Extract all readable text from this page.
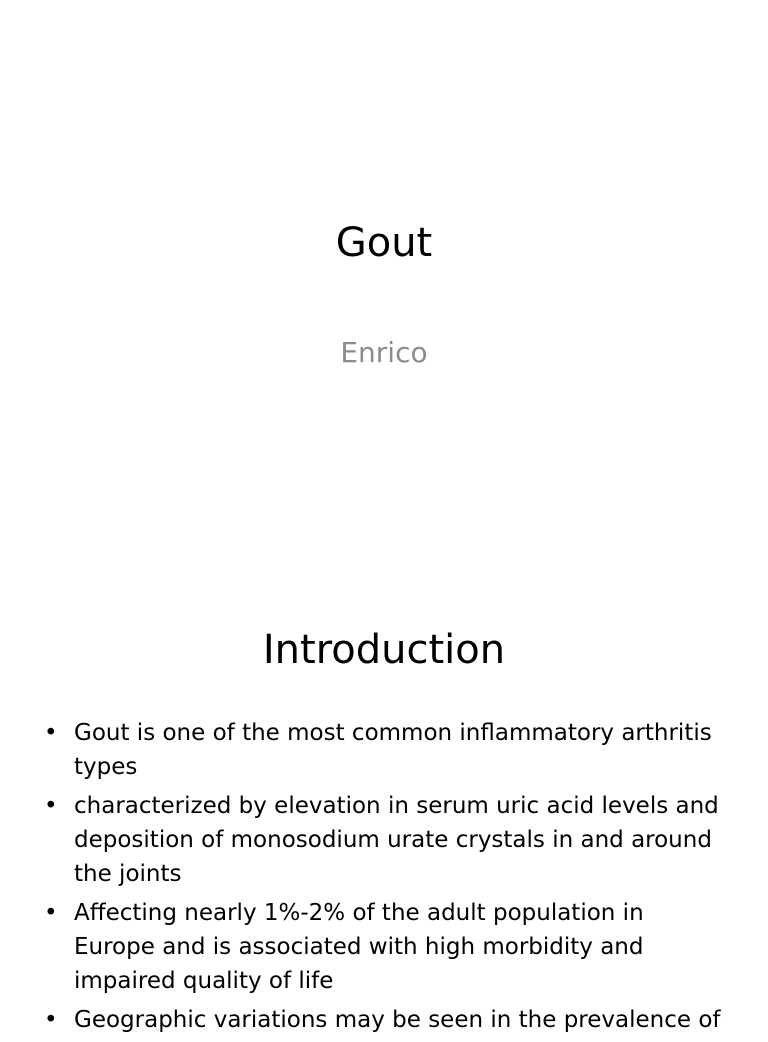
Gout
Enrico
Introduction
• Gout is one of the most common inflammatory arthritis types
• characterized by elevation in serum uric acid levels and deposition of monosodium urate crystals in and around the joints
• Affecting nearly 1%-2% of the adult population in Europe and is associated with high morbidity and impaired quality of life
• Geographic variations may be seen in the prevalence of
